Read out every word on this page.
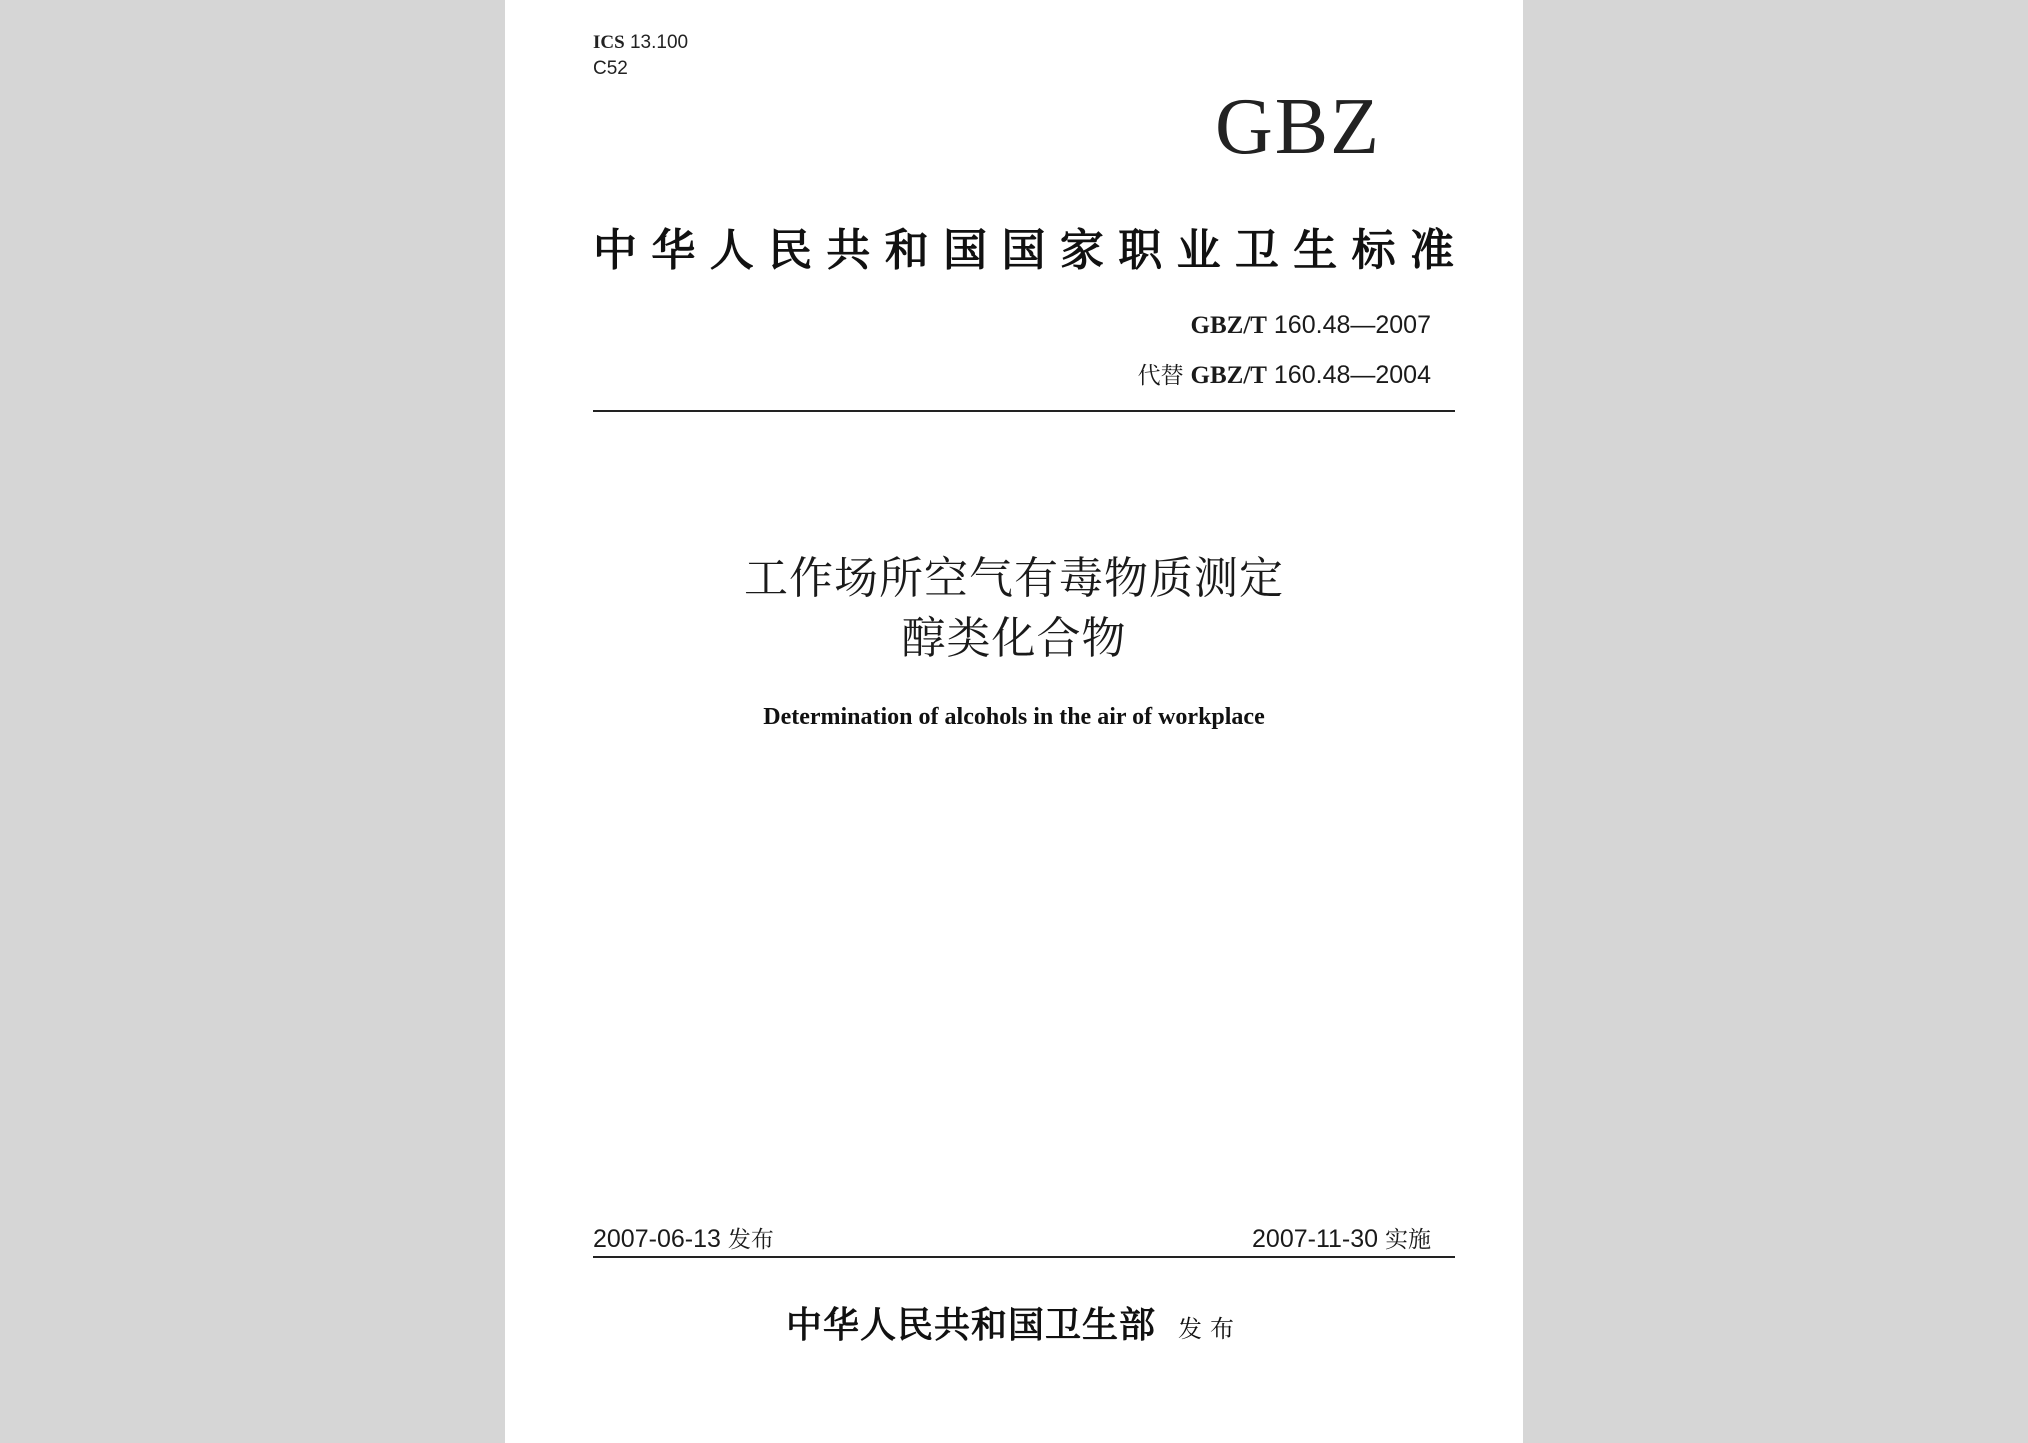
ICS 13.100
C52
GBZ
中华人民共和国国家职业卫生标准
GBZ/T 160.48—2007
代替 GBZ/T 160.48—2004
工作场所空气有毒物质测定
醇类化合物
Determination of alcohols in the air of workplace
2007-06-13 发布	2007-11-30 实施
中华人民共和国卫生部 发布
